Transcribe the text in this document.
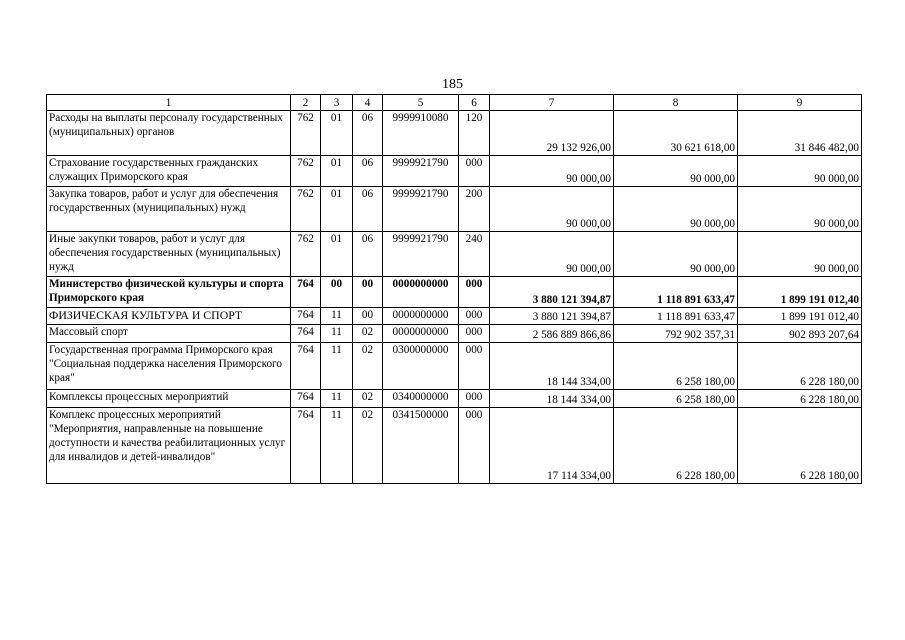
185
1	2	3	4	5	6	7	8	9
Расходы на выплаты персоналу государственных (муниципальных) органов	762	01	06	9999910080	120	29 132 926,00	30 621 618,00	31 846 482,00
Страхование государственных гражданских служащих Приморского края	762	01	06	9999921790	000	90 000,00	90 000,00	90 000,00
Закупка товаров, работ и услуг для обеспечения государственных (муниципальных) нужд	762	01	06	9999921790	200	90 000,00	90 000,00	90 000,00
Иные закупки товаров, работ и услуг для обеспечения государственных (муниципальных) нужд	762	01	06	9999921790	240	90 000,00	90 000,00	90 000,00
Министерство физической культуры и спорта Приморского края	764	00	00	0000000000	000	3 880 121 394,87	1 118 891 633,47	1 899 191 012,40
ФИЗИЧЕСКАЯ КУЛЬТУРА И СПОРТ	764	11	00	0000000000	000	3 880 121 394,87	1 118 891 633,47	1 899 191 012,40
Массовый спорт	764	11	02	0000000000	000	2 586 889 866,86	792 902 357,31	902 893 207,64
Государственная программа Приморского края "Социальная поддержка населения Приморского края"	764	11	02	0300000000	000	18 144 334,00	6 258 180,00	6 228 180,00
Комплексы процессных мероприятий	764	11	02	0340000000	000	18 144 334,00	6 258 180,00	6 228 180,00
Комплекс процессных мероприятий "Мероприятия, направленные на повышение доступности и качества реабилитационных услуг для инвалидов и детей-инвалидов"	764	11	02	0341500000	000	17 114 334,00	6 228 180,00	6 228 180,00
